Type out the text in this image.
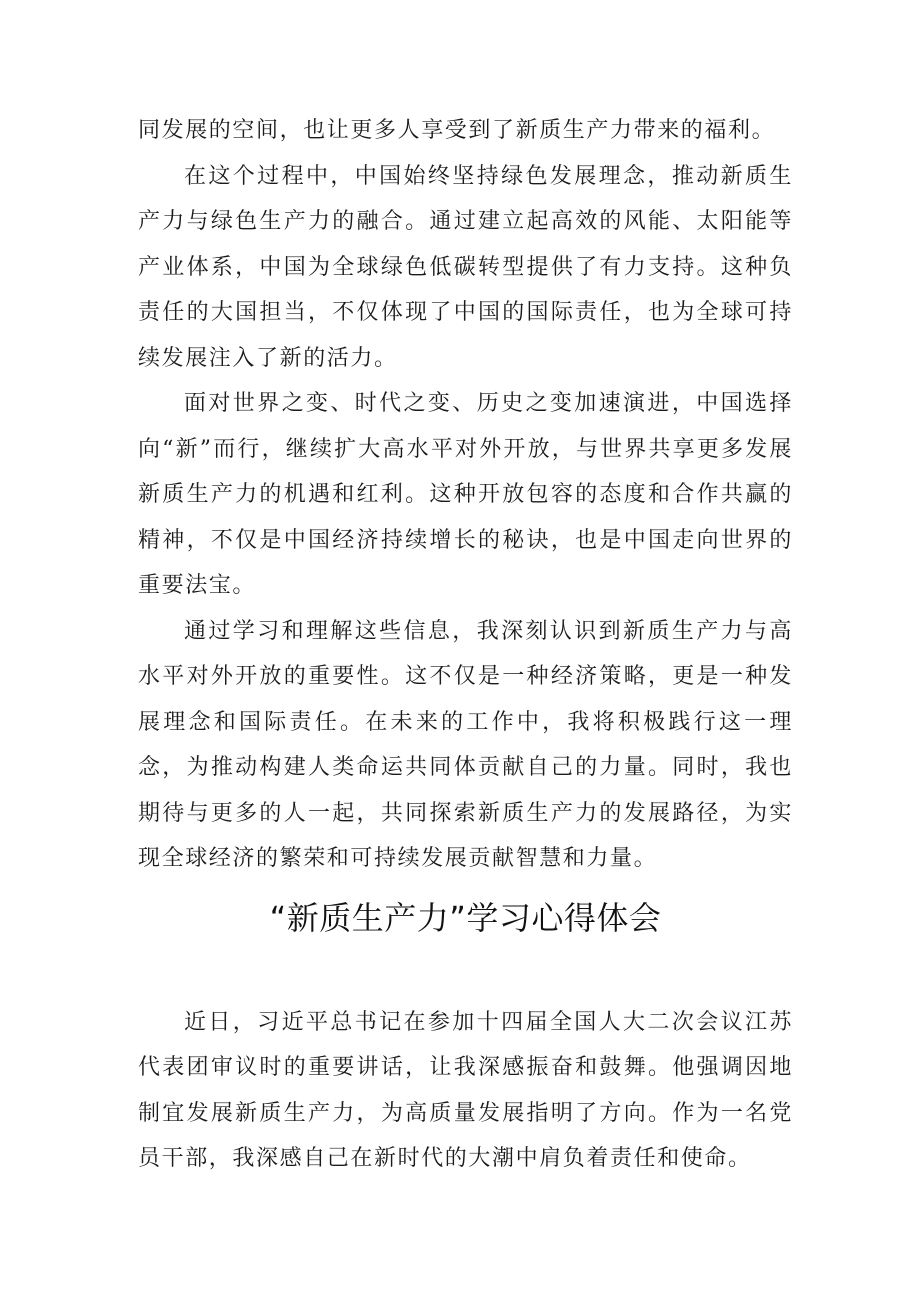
同发展的空间，也让更多人享受到了新质生产力带来的福利。

在这个过程中，中国始终坚持绿色发展理念，推动新质生产力与绿色生产力的融合。通过建立起高效的风能、太阳能等产业体系，中国为全球绿色低碳转型提供了有力支持。这种负责任的大国担当，不仅体现了中国的国际责任，也为全球可持续发展注入了新的活力。

面对世界之变、时代之变、历史之变加速演进，中国选择向“新”而行，继续扩大高水平对外开放，与世界共享更多发展新质生产力的机遇和红利。这种开放包容的态度和合作共赢的精神，不仅是中国经济持续增长的秘诀，也是中国走向世界的重要法宝。

通过学习和理解这些信息，我深刻认识到新质生产力与高水平对外开放的重要性。这不仅是一种经济策略，更是一种发展理念和国际责任。在未来的工作中，我将积极践行这一理念，为推动构建人类命运共同体贡献自己的力量。同时，我也期待与更多的人一起，共同探索新质生产力的发展路径，为实现全球经济的繁荣和可持续发展贡献智慧和力量。

“新质生产力”学习心得体会

近日，习近平总书记在参加十四届全国人大二次会议江苏代表团审议时的重要讲话，让我深感振奋和鼓舞。他强调因地制宜发展新质生产力，为高质量发展指明了方向。作为一名党员干部，我深感自己在新时代的大潮中肩负着责任和使命。
